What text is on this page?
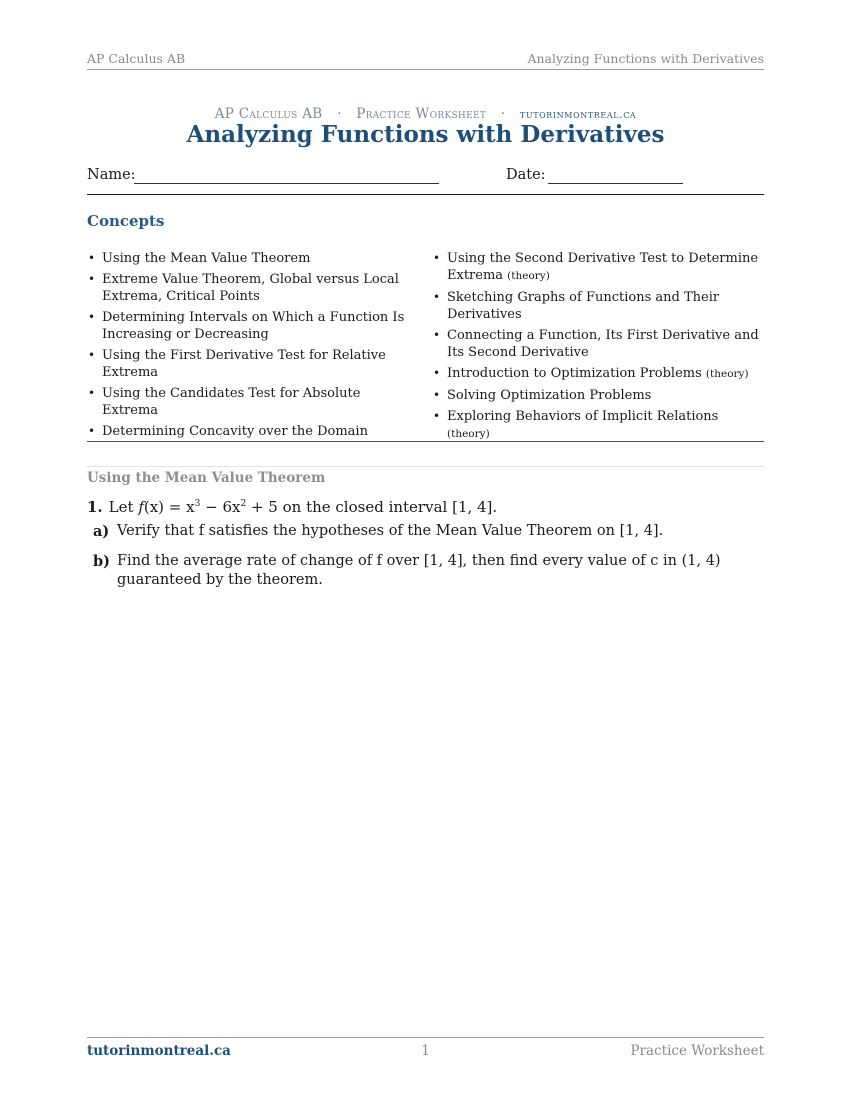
AP Calculus AB	Analyzing Functions with Derivatives
AP Calculus AB · Practice Worksheet · tutorinmontreal.ca
Analyzing Functions with Derivatives
Name:	Date:
Concepts
• Using the Mean Value Theorem
• Extreme Value Theorem, Global versus Local Extrema, Critical Points
• Determining Intervals on Which a Function Is Increasing or Decreasing
• Using the First Derivative Test for Relative Extrema
• Using the Candidates Test for Absolute Extrema
• Determining Concavity over the Domain
• Using the Second Derivative Test to Determine Extrema (theory)
• Sketching Graphs of Functions and Their Derivatives
• Connecting a Function, Its First Derivative and Its Second Derivative
• Introduction to Optimization Problems (theory)
• Solving Optimization Problems
• Exploring Behaviors of Implicit Relations (theory)
Using the Mean Value Theorem
1. Let $f(x) = x^3 - 6x^2 + 5$ on the closed interval [1, 4].
a) Verify that f satisfies the hypotheses of the Mean Value Theorem on [1, 4].
b) Find the average rate of change of f over [1, 4], then find every value of c in (1, 4) guaranteed by the theorem.
tutorinmontreal.ca	1	Practice Worksheet
